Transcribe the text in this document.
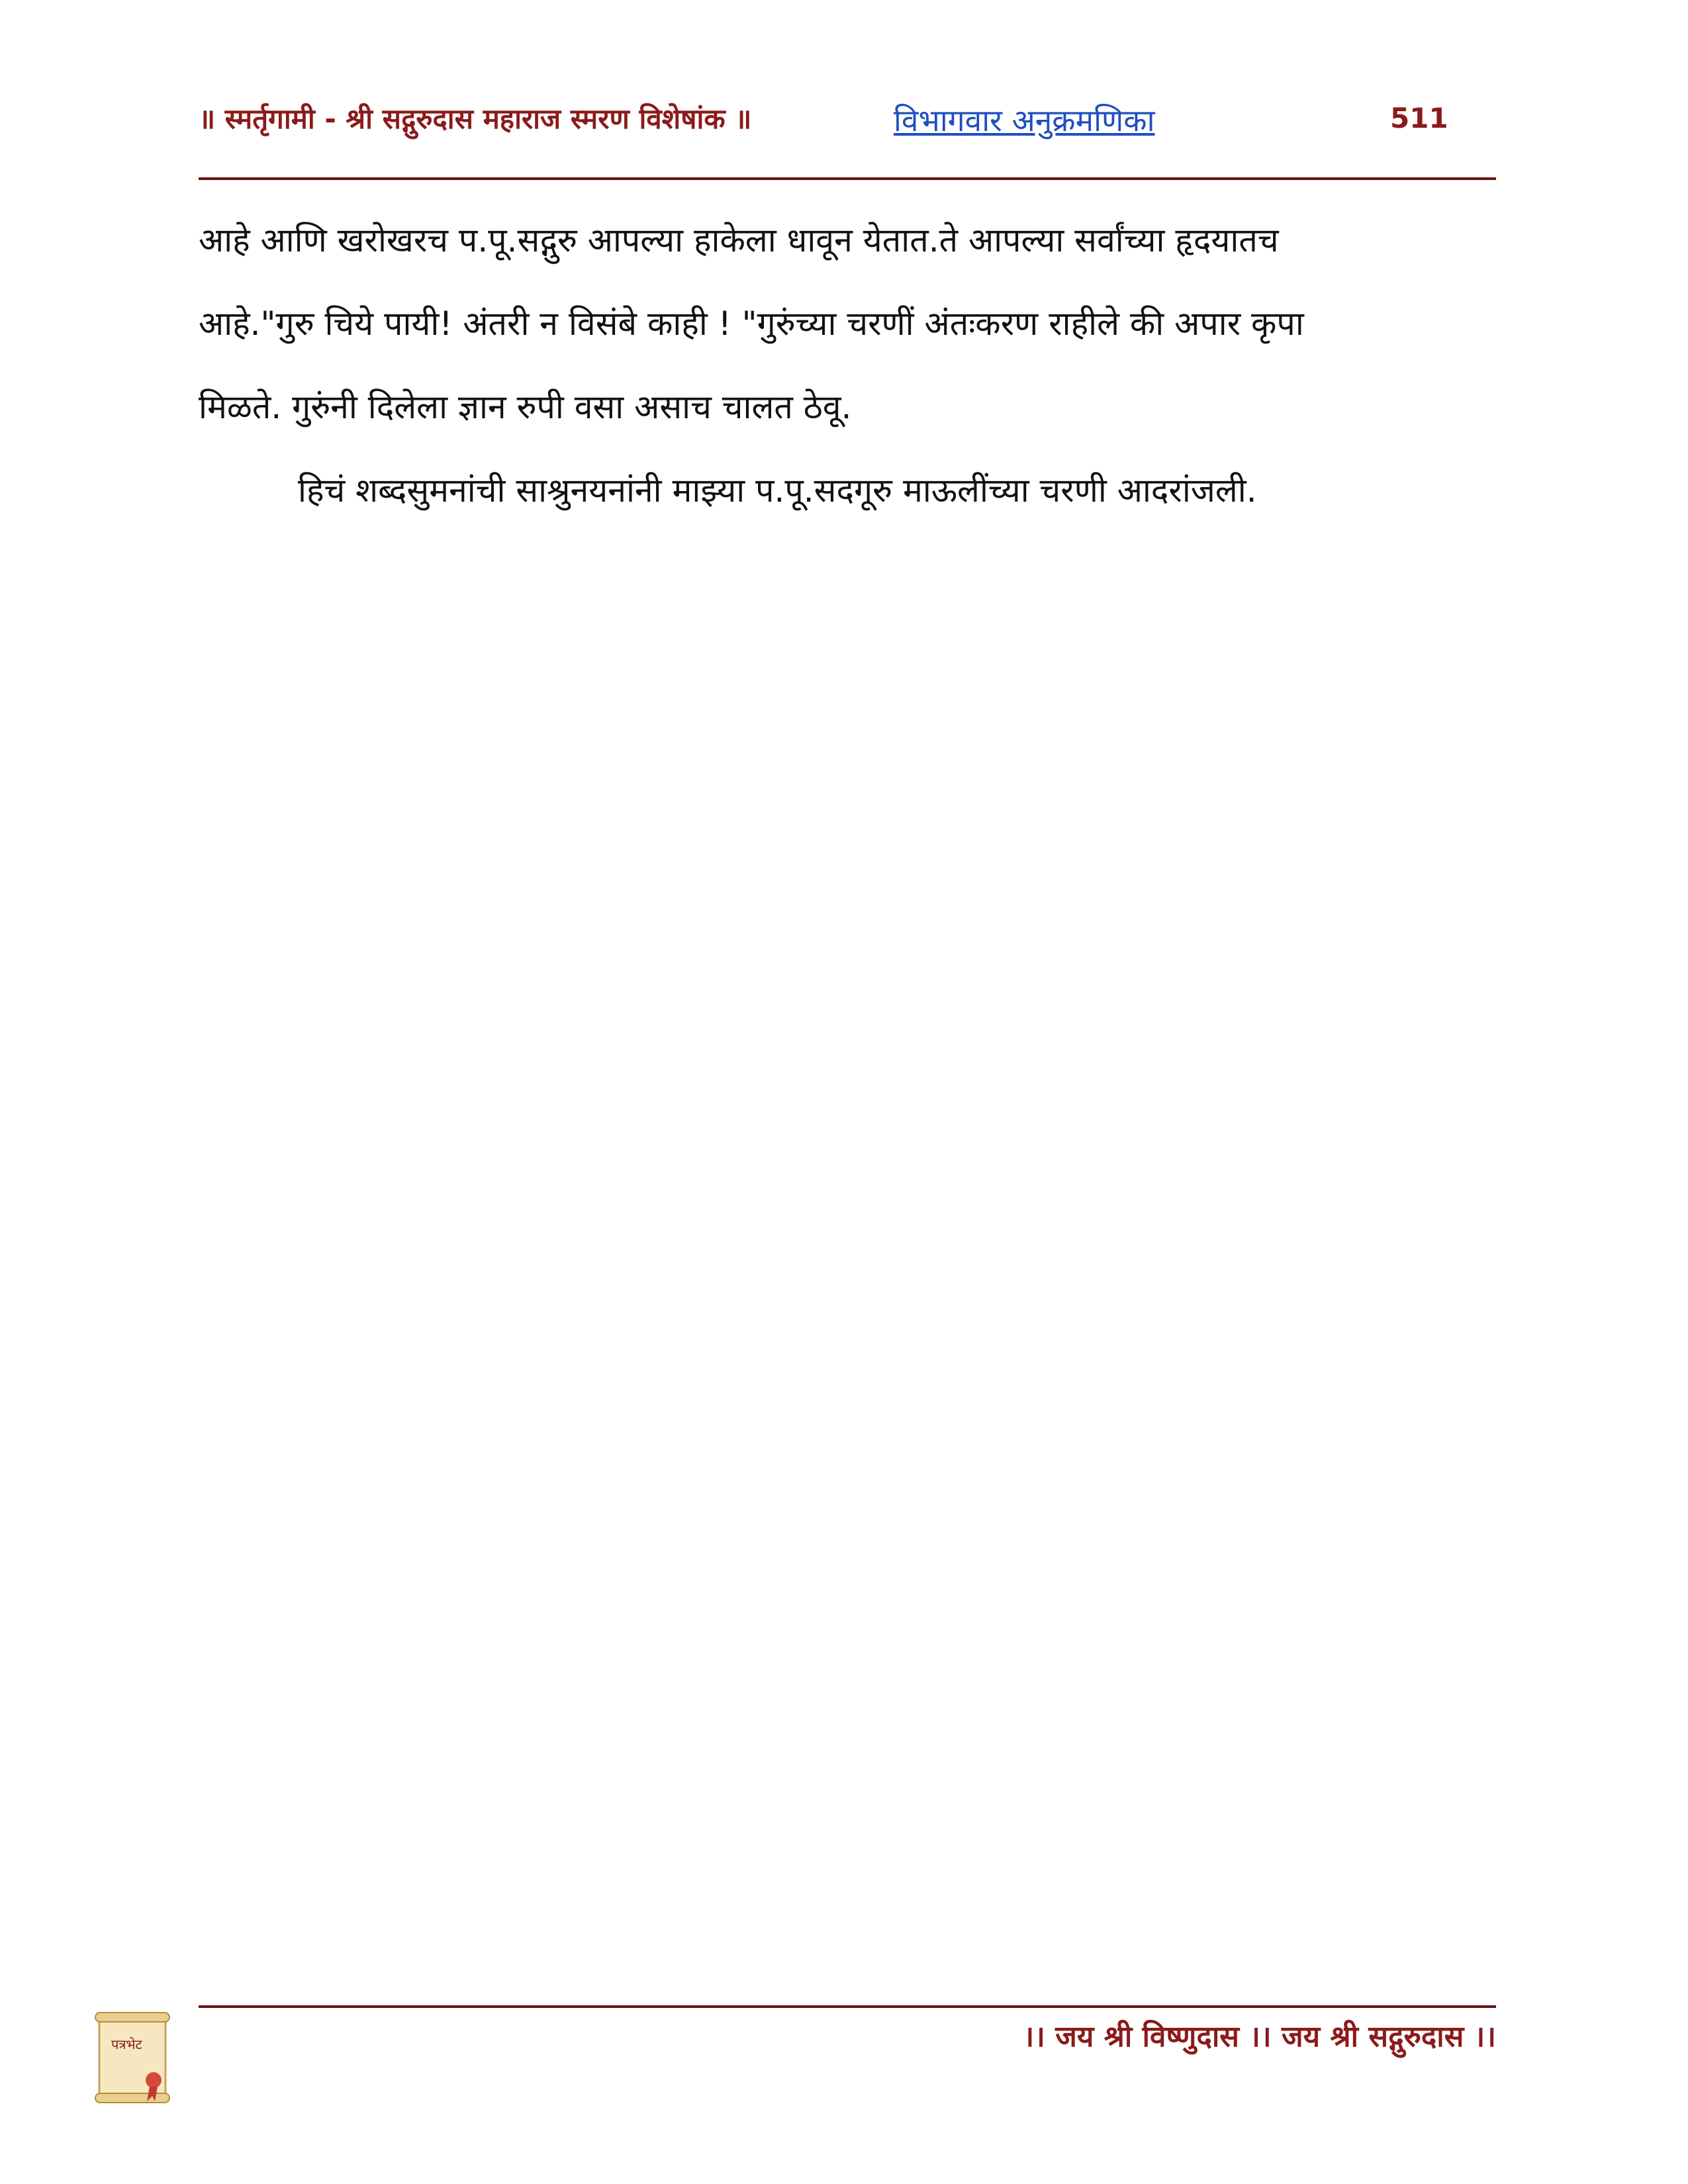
॥ स्मर्तृगामी - श्री सद्गुरुदास महाराज स्मरण विशेषांक ॥	विभागवार अनुक्रमणिका	511

आहे आणि खरोखरच प.पू.सद्गुरु आपल्या हाकेला धावून येतात.ते आपल्या सर्वांच्या हृदयातच

आहे."गुरु चिये पायी! अंतरी न विसंबे काही ! "गुरुंच्या चरणीं अंतःकरण राहीले की अपार कृपा

मिळते. गुरुंनी दिलेला ज्ञान रुपी वसा असाच चालत ठेवू.

हिचं शब्दसुमनांची साश्रुनयनांनी माझ्या प.पू.सदगूरु माऊलींच्या चरणी आदरांजली.

पत्रभेट	।। जय श्री विष्णुदास ।। जय श्री सद्गुरुदास ।।
